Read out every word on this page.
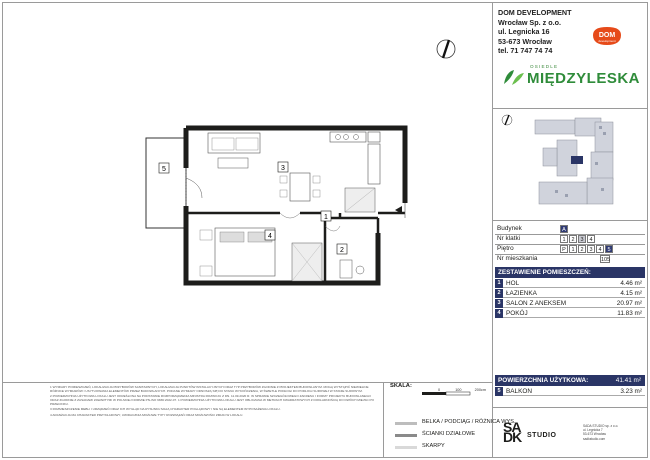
DOM DEVELOPMENT
Wrocław Sp. z o.o.
ul. Legnicka 16
53-673 Wrocław
tel. 71 747 74 74
DOM
development
OSIEDLE
MIĘDZYLESKA
Budynek	A
Nr klatki	1	2	3	4
Piętro	P	1	2	3	4	5
Nr mieszkania	105
ZESTAWIENIE POMIESZCZEŃ:
1 HOL	4.46 m²
2 ŁAZIENKA	4.15 m²
3 SALON Z ANEKSEM	20.97 m²
4 POKÓJ	11.83 m²
POWIERZCHNIA UŻYTKOWA:	41.41 m²
5 BALKON	3.23 m²
1
2
3
4
5
1 WYMIARY POMIESZCZEŃ, LOKALIZACJA PRZYBORÓW SANITARNYCH, LOKALIZACJA PUNKTÓW INSTALACYJNYCH ORAZ TYP PRZYBORÓW ZGODNIE Z PROJEKTEM BUDOWLANYM. MOGĄ WYSTĄPIĆ NIEWIELKIE RÓŻNICE WYMIARÓW I USYTUOWANIA ELEMENTÓW PRZEZ BUDOWLANYCH. PODANE WYMIARY ODNOSZĄ SIĘ DO STANU WYKOŃCZENIA, W ŚWIETLE PODŁOGI DO PODŁOGI SUROWEJ W STANIE SUROWYM.
2 POWIERZCHNIA UŻYTKOWA LOKALU JEST OKREŚLONA NA PODSTAWIE ROZPORZĄDZENIA MINISTRA ROZWOJU Z DN. 11.09.2020 R. W SPRAWIE SZCZEGÓŁOWEGO ZAKRESU I FORMY PROJEKTU BUDOWLANEGO ORAZ ZGODNIE Z ZASADAMI ZAWARTYMI W POLSKIEJ NORMIE PN-ISO 9836:2022-07. 1 POWIERZCHNIA UŻYTKOWA LOKALU JEST OBLICZANA W METRACH KWADRATOWYCH Z DOKŁADNOŚCIĄ DO DWÓCH MIEJSC PO PRZECINKU.
3 ROZMIESZCZENIE MEBLI I URZĄDZEŃ ORAZ ICH WYGLĄD NA RYSUNKU MAJĄ CHARAKTER POGLĄDOWY I NIE SĄ ELEMENTEM WYPOSAŻENIA LOKALU.
4 ARANŻACJA MA CHARAKTER PRZYKŁADOWY, UWIDACZNIA MOŻLIWE TYPY ROZWIĄZAŃ ORAZ MOŻLIWOŚCI ZMIAN W LOKALU.
SKALA:
0	100	200cm
BELKA / PODCIĄG / RÓŻNICA WYS.
ŚCIANKI DZIAŁOWE
SKARPY
SA DK STUDIO
SADA STUDIO sp. z o.o.
ul. Legnicka 7
53-673 Wrocław
sadkstudio.com
